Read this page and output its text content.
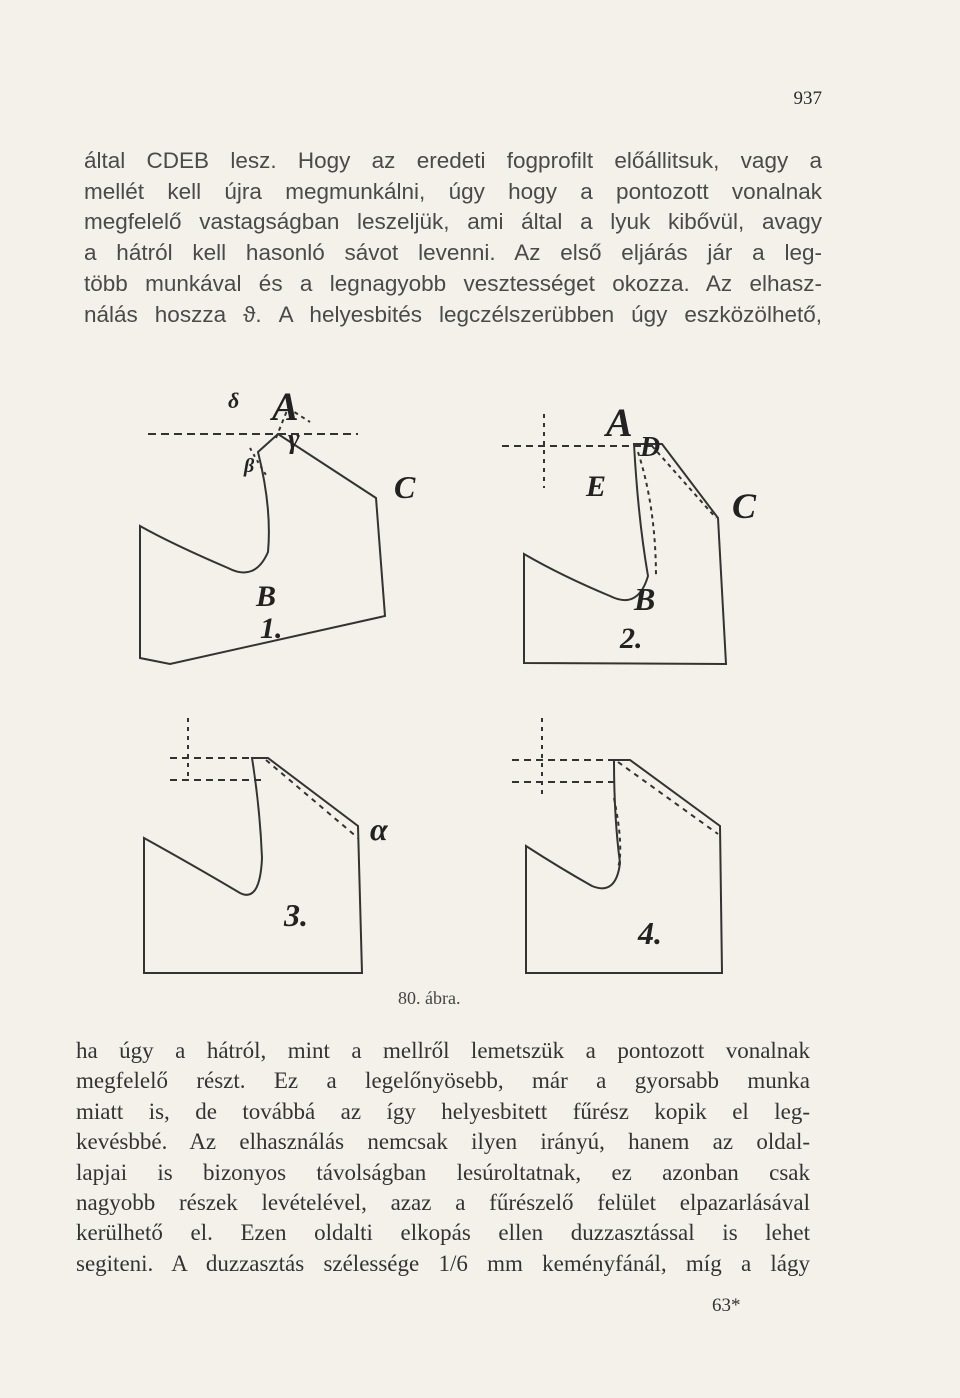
937
által CDEB lesz. Hogy az eredeti fogprofilt előállitsuk, vagy a
mellét kell újra megmunkálni, úgy hogy a pontozott vonalnak
megfelelő vastagságban leszeljük, ami által a lyuk kibővül, avagy
a hátról kell hasonló sávot levenni. Az első eljárás jár a leg-
több munkával és a legnagyobb vesztességet okozza. Az elhasz-
nálás hoszza ϑ. A helyesbités legczélszerübben úgy eszközölhető,
A
B
C
1.
δ
γ
β
A
D
E
B
C
2.
α
3.	4.
80. ábra.
ha úgy a hátról, mint a mellről lemetszük a pontozott vonalnak
megfelelő részt. Ez a legelőnyösebb, már a gyorsabb munka
miatt is, de továbbá az így helyesbitett fűrész kopik el leg-
kevésbbé. Az elhasználás nemcsak ilyen irányú, hanem az oldal-
lapjai is bizonyos távolságban lesúroltatnak, ez azonban csak
nagyobb részek levételével, azaz a fűrészelő felület elpazarlásával
kerülhető el. Ezen oldalti elkopás ellen duzzasztással is lehet
segiteni. A duzzasztás szélessége 1/6 mm keményfánál, míg a lágy
63*
